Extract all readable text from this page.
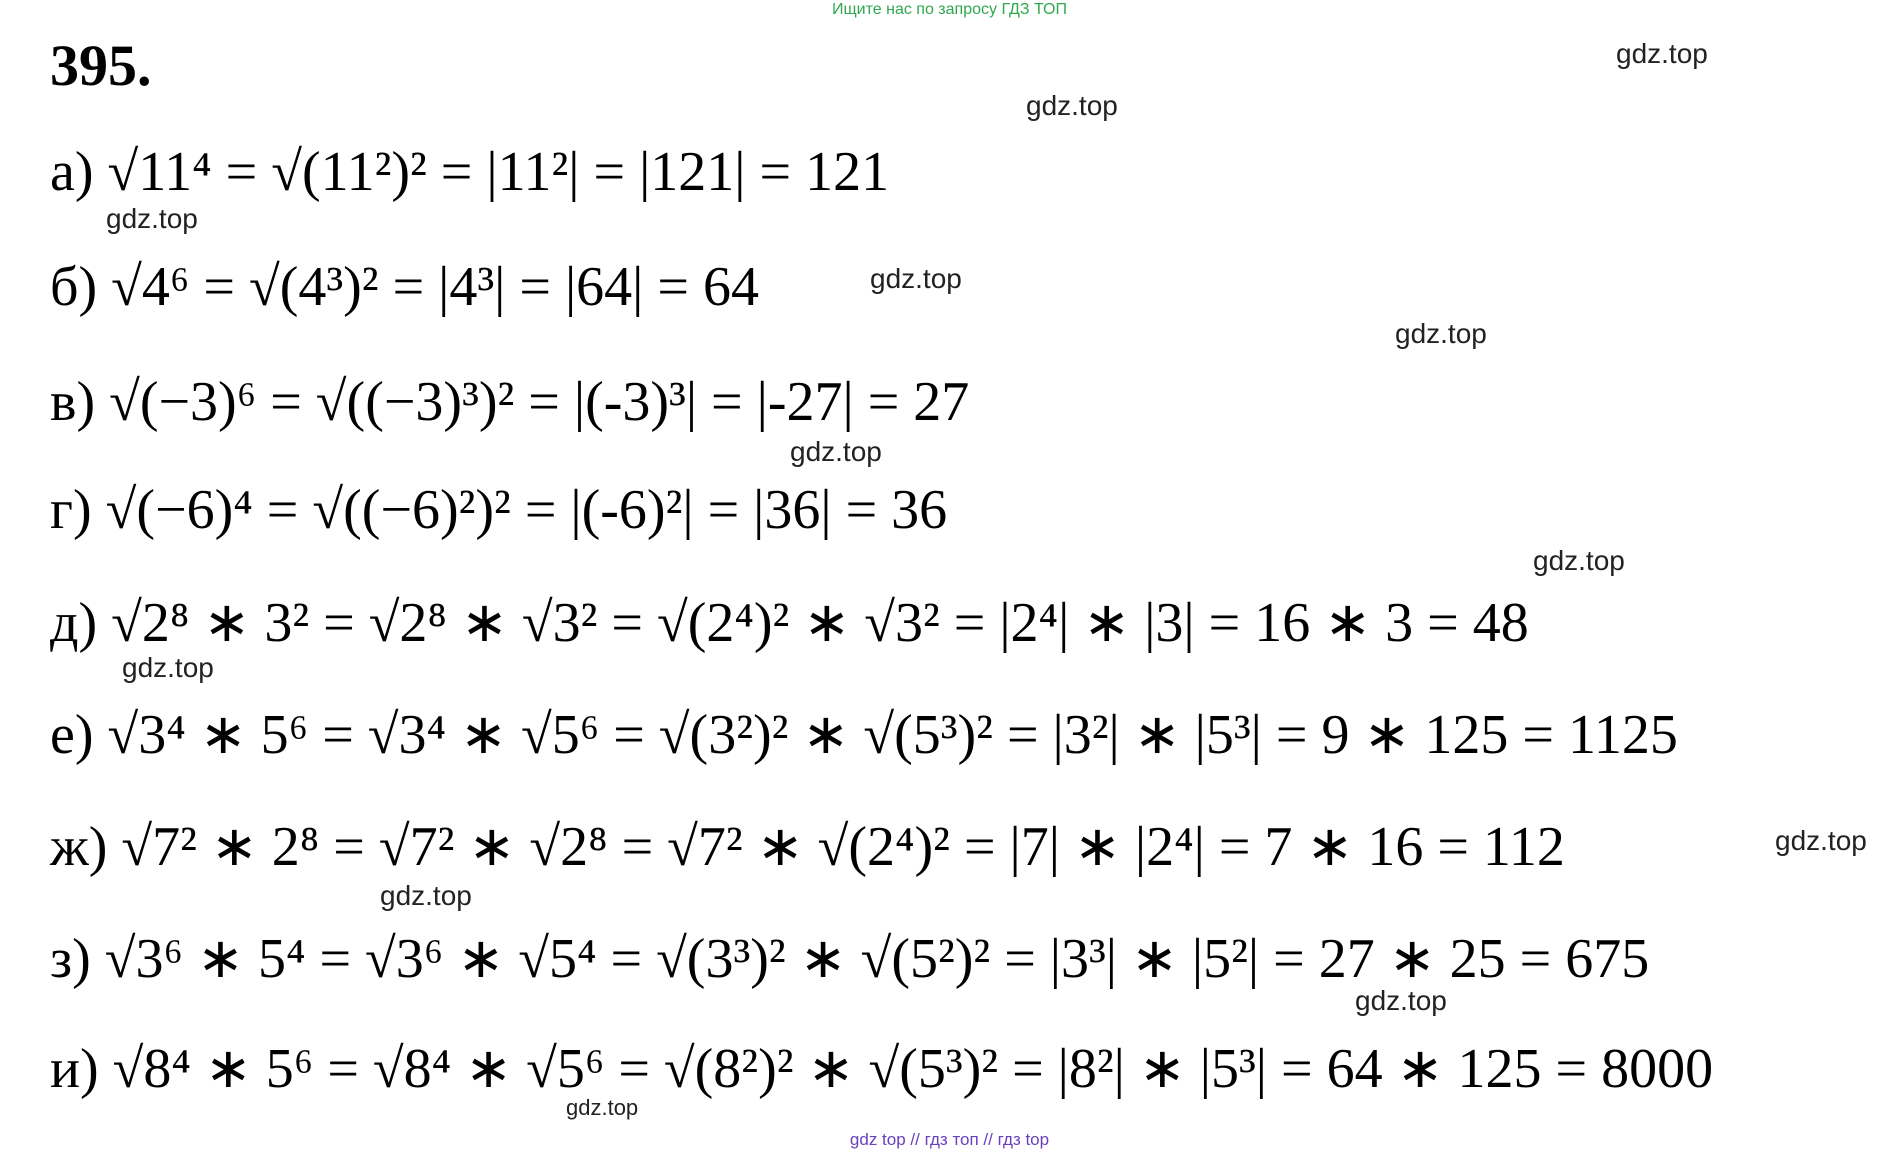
Ищите нас по запросу ГДЗ ТОП
395.	gdz.top
gdz.top
gdz.top
gdz.top
gdz.top
gdz.top
gdz.top
gdz.top
gdz.top
gdz.top
gdz.top
gdz.top
а) √11⁴ = √(11²)² = |11²| = |121| = 121
б) √4⁶ = √(4³)² = |4³| = |64| = 64
в) √(−3)⁶ = √((−3)³)² = |(-3)³| = |-27| = 27
г) √(−6)⁴ = √((−6)²)² = |(-6)²| = |36| = 36
д) √2⁸ ∗ 3² = √2⁸ ∗ √3² = √(2⁴)² ∗ √3² = |2⁴| ∗ |3| = 16 ∗ 3 = 48
е) √3⁴ ∗ 5⁶ = √3⁴ ∗ √5⁶ = √(3²)² ∗ √(5³)² = |3²| ∗ |5³| = 9 ∗ 125 = 1125
ж) √7² ∗ 2⁸ = √7² ∗ √2⁸ = √7² ∗ √(2⁴)² = |7| ∗ |2⁴| = 7 ∗ 16 = 112
з) √3⁶ ∗ 5⁴ = √3⁶ ∗ √5⁴ = √(3³)² ∗ √(5²)² = |3³| ∗ |5²| = 27 ∗ 25 = 675
и) √8⁴ ∗ 5⁶ = √8⁴ ∗ √5⁶ = √(8²)² ∗ √(5³)² = |8²| ∗ |5³| = 64 ∗ 125 = 8000
gdz top // гдз топ // гдз top
